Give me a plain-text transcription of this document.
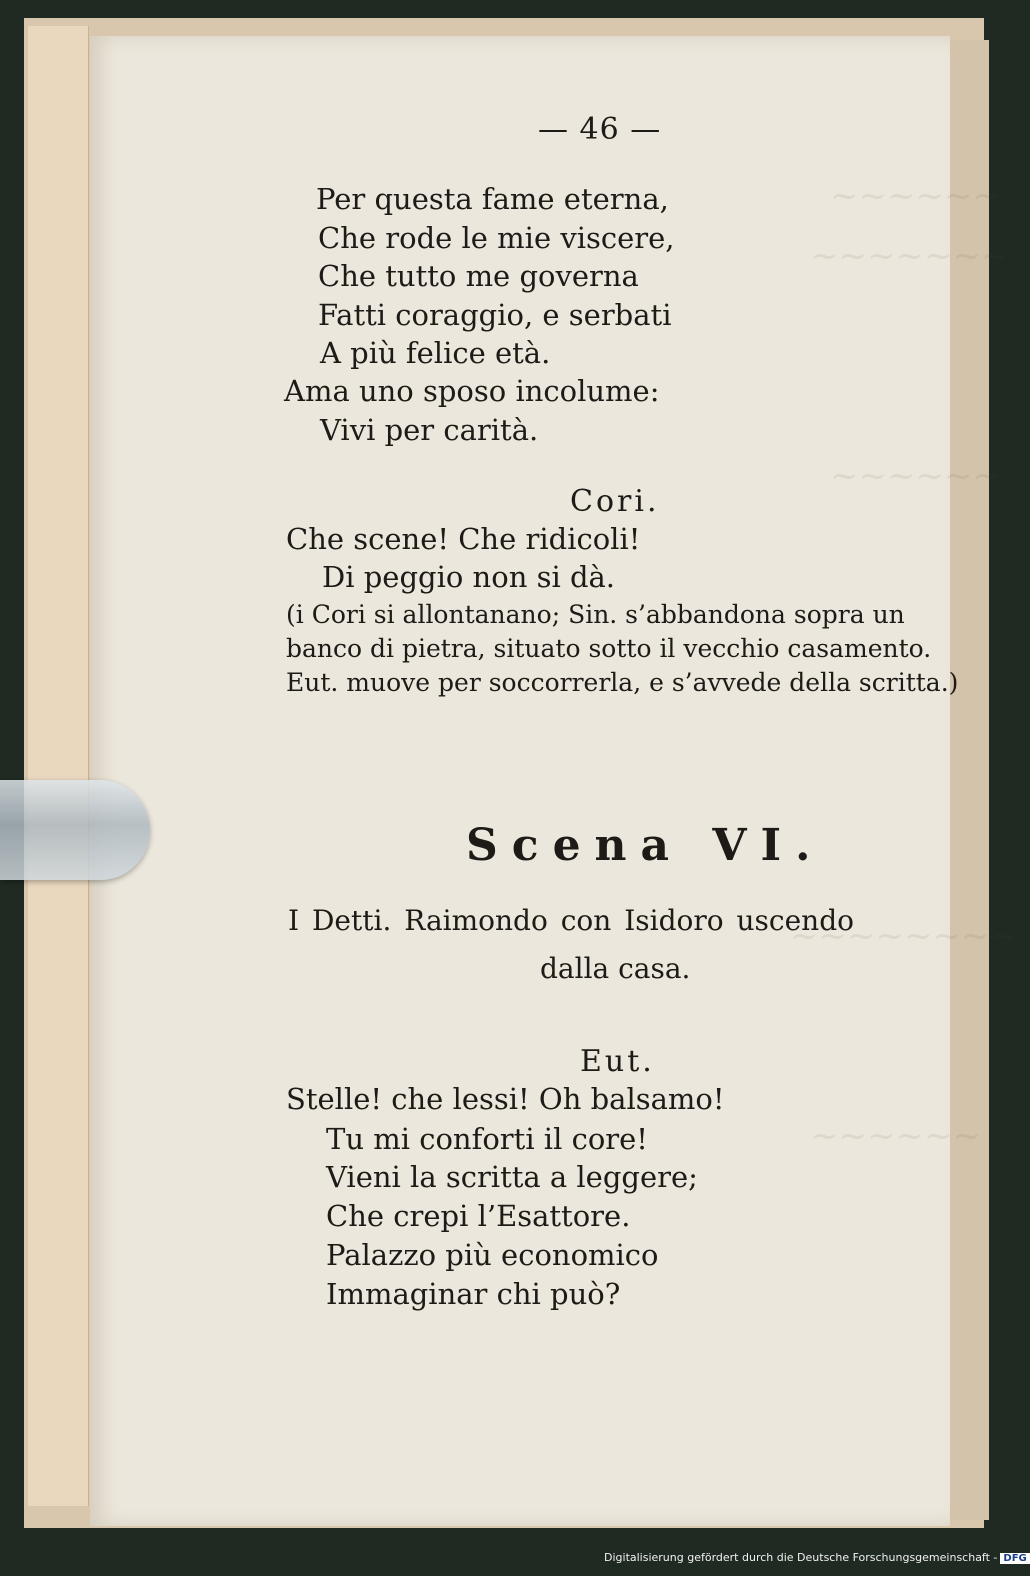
~~~~~~
~~~~~~~
~~~~~~
~~~~~~~~
~~~~~~
— 46 —
Per questa fame eterna,
Che rode le mie viscere,
Che tutto me governa
Fatti coraggio, e serbati
A più felice età.
Ama uno sposo incolume:
Vivi per carità.
Cori.
Che scene! Che ridicoli!
Di peggio non si dà.
(i Cori si allontanano; Sin. s’abbandona sopra un
banco di pietra, situato sotto il vecchio casamento.
Eut. muove per soccorrerla, e s’avvede della scritta.)
Scena VI.
I Detti. Raimondo con Isidoro uscendo
dalla casa.
Eut.
Stelle! che lessi! Oh balsamo!
Tu mi conforti il core!
Vieni la scritta a leggere;
Che crepi l’Esattore.
Palazzo più economico
Immaginar chi può?
Digitalisierung gefördert durch die Deutsche Forschungsgemeinschaft - DFG
